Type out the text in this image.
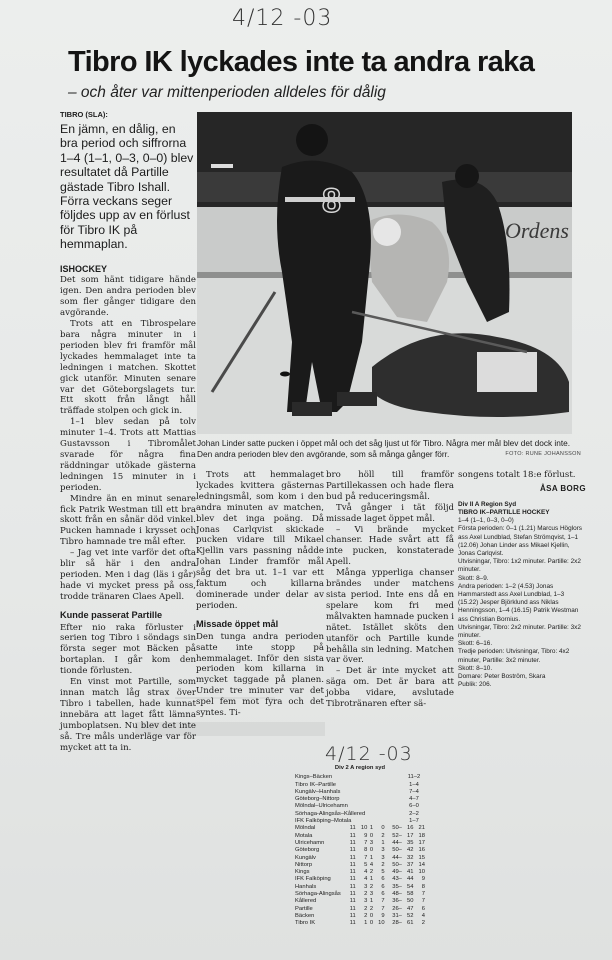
4/12 -03
Tibro IK lyckades inte ta andra raka
– och åter var mittenperioden alldeles för dålig
TIBRO (SLA):
En jämn, en dålig, en bra period och siffrorna 1–4 (1–1, 0–3, 0–0) blev resultatet då Partille gästade Tibro Ishall. Förra veckans seger följdes upp av en förlust för Tibro IK på hemmaplan.
ISHOCKEY

Det som hänt tidigare hände igen. Den andra perioden blev som fler gånger tidigare den avgörande.

Trots att en Tibrospelare bara några minuter in i perioden blev fri framför mål lyckades hemmalaget inte ta ledningen i matchen. Skottet gick utanför. Minuten senare var det Göteborgslagets tur. Ett skott från långt håll träffade stolpen och gick in.

1–1 blev sedan på tolv minuter 1–4. Trots att Mattias Gustavsson i Tibromålet svarade för några fina räddningar utökade gästerna ledningen 15 minuter in i perioden.

Mindre än en minut senare fick Patrik Westman till ett bra skott från en sånär död vinkel. Pucken hamnade i krysset och Tibro hamnade tre mål efter.

– Jag vet inte varför det ofta blir så här i den andra perioden. Men i dag (läs i går) hade vi mycket press på oss, trodde tränaren Claes Apell.

Kunde passerat Partille

Efter nio raka förluster i serien tog Tibro i söndags sin första seger mot Bäcken på bortaplan. I går kom den tionde förlusten.

En vinst mot Partille, som innan match låg strax över Tibro i tabellen, hade kunnat innebära att laget fått lämna jumboplatsen. Nu blev det inte så. Tre måls underläge var för mycket att ta in.

Ordens
Johan Linder satte pucken i öppet mål och det såg ljust ut för Tibro. Några mer mål blev det dock inte. Den andra perioden blev den avgörande, som så många gånger förr.	FOTO: RUNE JOHANSSON

Trots att hemmalaget lyckades kvittera gästernas ledningsmål, som kom i den andra minuten av matchen, blev det inga poäng. Då Jonas Carlqvist skickade pucken vidare till Mikael Kjellin vars passning nådde Johan Linder framför mål såg det bra ut. 1–1 var ett faktum och killarna dominerade under delar av perioden.

Missade öppet mål

Den tunga andra perioden satte inte stopp på hemmalaget. Inför den sista perioden kom killarna in mycket taggade på planen. Under tre minuter var det spel fem mot fyra och det syntes. Ti-

bro höll till framför Partillekassen och hade flera bud på reduceringsmål.

Två gånger i tät följd missade laget öppet mål.

– Vi brände mycket chanser. Hade svårt att få inte pucken, konstaterade Apell.

Många ypperliga chanser brändes under matchens sista period. Inte ens då en spelare kom fri med målvakten hamnade pucken i nätet. Istället sköts den utanför och Partille kunde behålla sin ledning. Matchen var över.

– Det är inte mycket att säga om. Det är bara att jobba vidare, avslutade Tibrotränaren efter sä-

songens totalt 18:e förlust.

ÅSA BORG
Div II A Region Syd
TIBRO IK–PARTILLE HOCKEY
1–4 (1–1, 0–3, 0–0)
Första perioden: 0–1 (1.21) Marcus Höglors ass Axel Lundblad, Stefan Strömqvist, 1–1 (12.06) Johan Linder ass Mikael Kjellin, Jonas Carlqvist.
Utvisningar, Tibro: 1x2 minuter. Partille: 2x2 minuter.
Skott: 8–9.
Andra perioden: 1–2 (4.53) Jonas Hammarstedt ass Axel Lundblad, 1–3 (15.22) Jesper Björklund ass Niklas Henningsson, 1–4 (16.15) Patrik Westman ass Christian Bornius.
Utvisningar, Tibro: 2x2 minuter. Partille: 3x2 minuter.
Skott: 6–16.
Tredje perioden: Utvisningar, Tibro: 4x2 minuter, Partille: 3x2 minuter.
Skott: 8–10.
Domare: Peter Boström, Skara
Publik: 206.
4/12 -03
Div 2 A region syd
Kings–Bäcken	11–2
Tibro IK–Partille	1–4
Kungälv–Hanhals	7–4
Göteborg–Nittorp	4–7
Mölndal–Ulricehamn	6–0
Sörhaga-Alingsås–Kållered	2–2
IFK Falköping–Motala	1–7
Mölndal	11	10	1	0	50–	16	21
Motala	11	9	0	2	52–	17	18
Ulricehamn	11	7	3	1	44–	35	17
Göteborg	11	8	0	3	50–	42	16
Kungälv	11	7	1	3	44–	32	15
Nittorp	11	5	4	2	50–	37	14
Kings	11	4	2	5	49–	41	10
IFK Falköping	11	4	1	6	43–	44	9
Hanhals	11	3	2	6	35–	54	8
Sörhaga-Alingsås	11	2	3	6	48–	58	7
Kållered	11	3	1	7	36–	50	7
Partille	11	2	2	7	26–	47	6
Bäcken	11	2	0	9	31–	52	4
Tibro IK	11	1	0	10	28–	61	2
